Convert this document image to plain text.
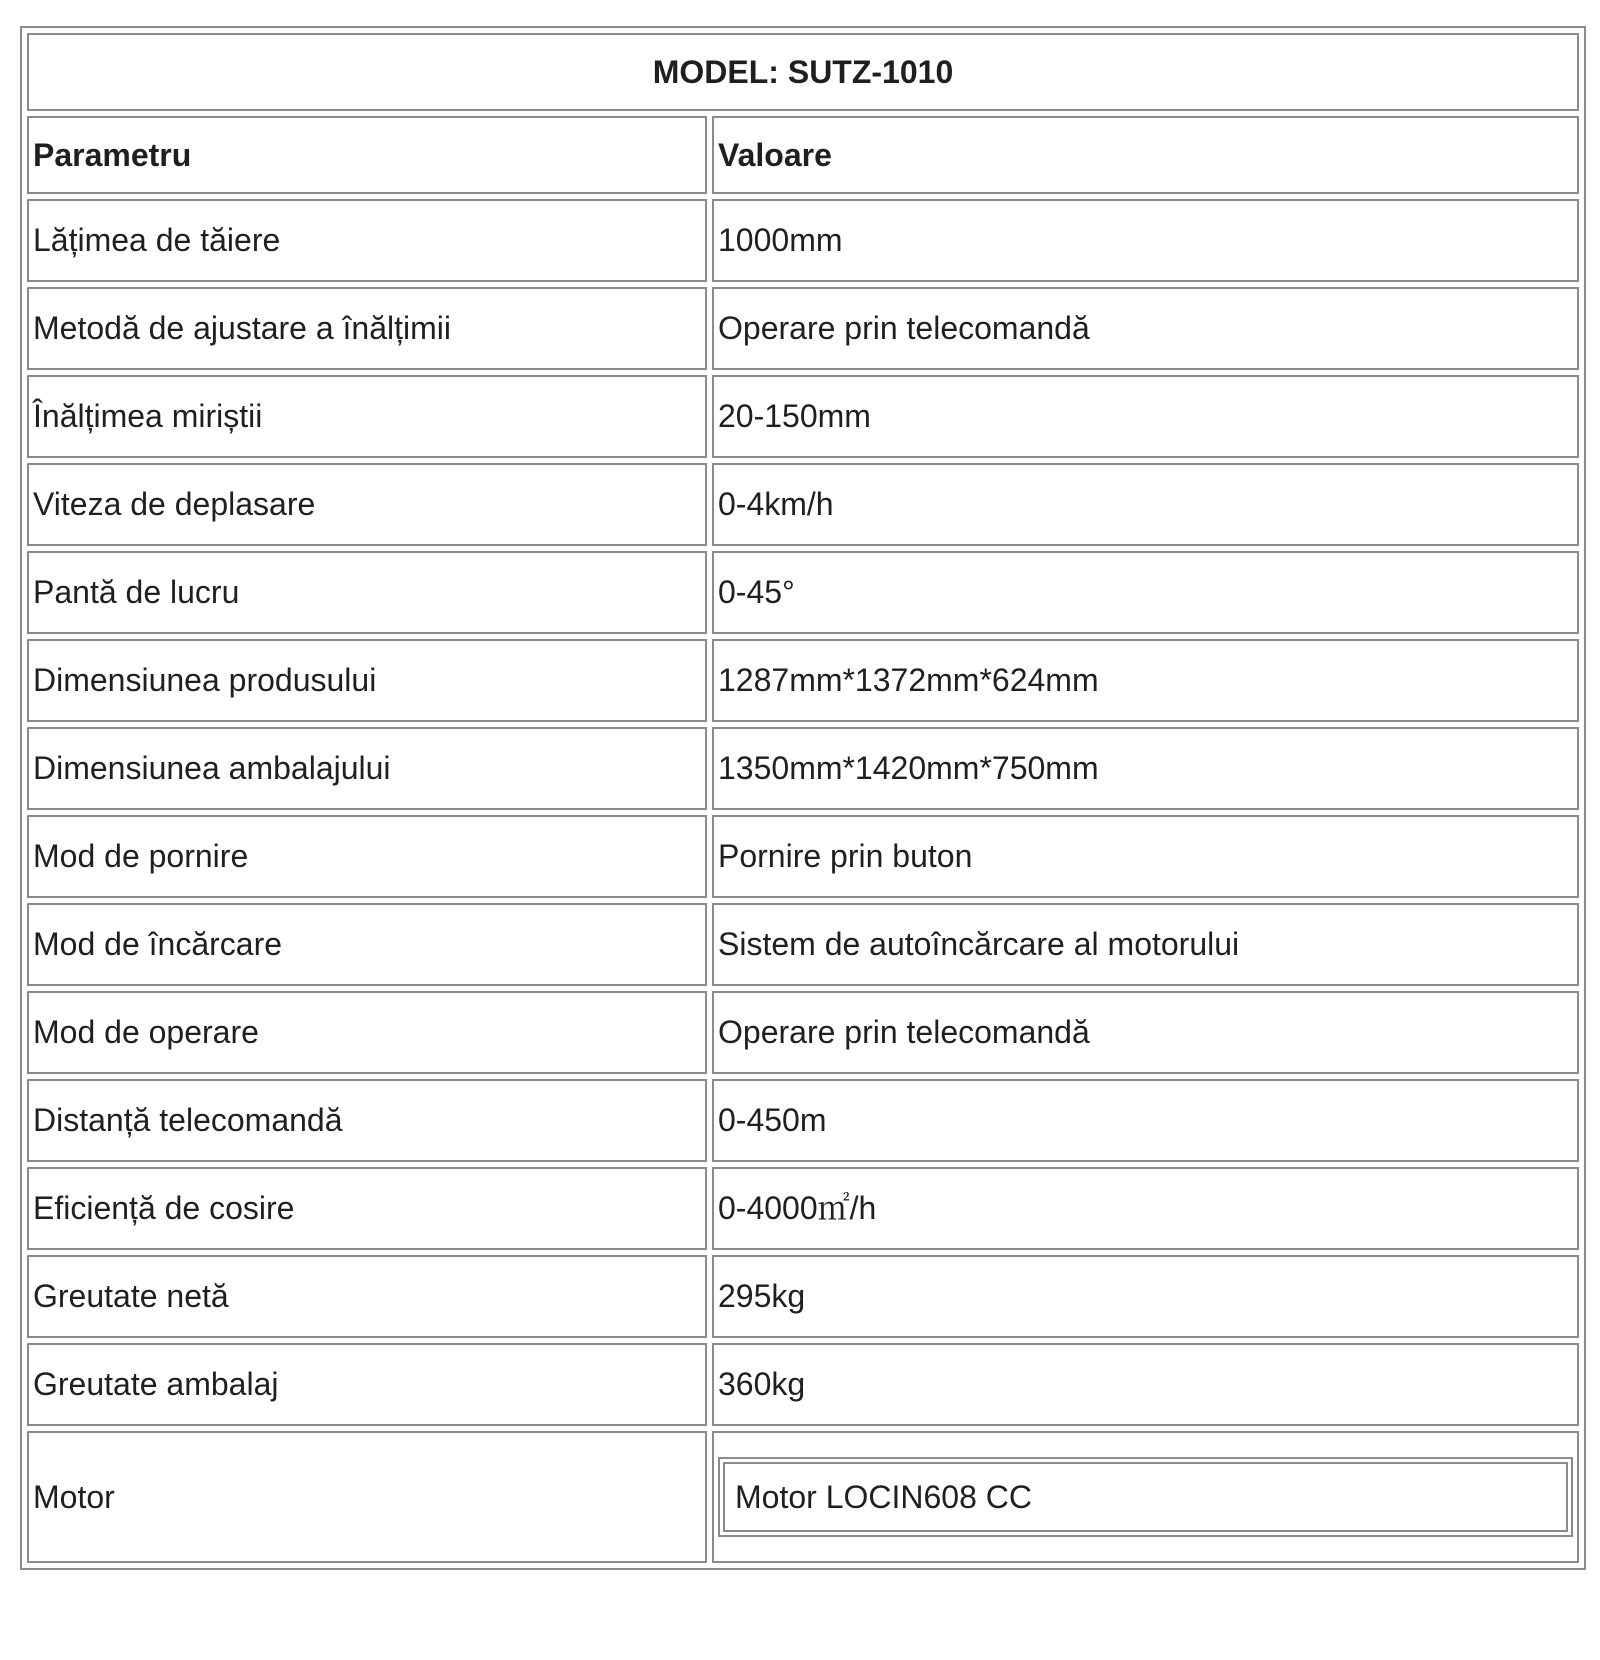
MODEL: SUTZ-1010	
Parametru	Valoare
Lățimea de tăiere	1000mm
Metodă de ajustare a înălțimii	Operare prin telecomandă
Înălțimea miriștii	20-150mm
Viteza de deplasare	0-4km/h
Pantă de lucru	0-45°
Dimensiunea produsului	1287mm*1372mm*624mm
Dimensiunea ambalajului	1350mm*1420mm*750mm
Mod de pornire	Pornire prin buton
Mod de încărcare	Sistem de autoîncărcare al motorului
Mod de operare	Operare prin telecomandă
Distanță telecomandă	0-450m
Eficiență de cosire	0-4000㎡/h
Greutate netă	295kg
Greutate ambalaj	360kg
Motor	Motor LOCIN608 CC
